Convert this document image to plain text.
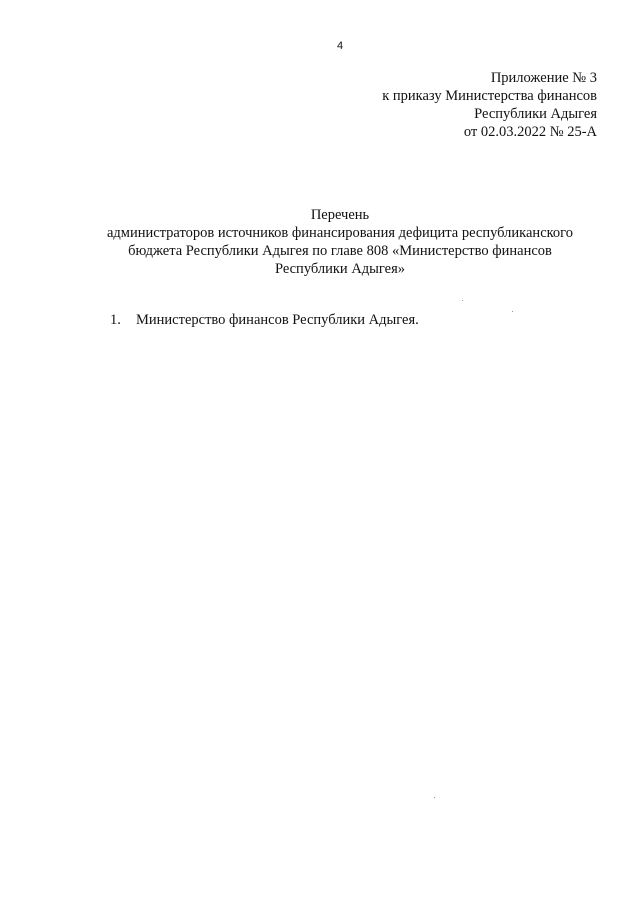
4
Приложение № 3
к приказу Министерства финансов
Республики Адыгея
от 02.03.2022 № 25-А
Перечень
администраторов источников финансирования дефицита республиканского
бюджета Республики Адыгея по главе 808 «Министерство финансов
Республики Адыгея»
1. Министерство финансов Республики Адыгея.
